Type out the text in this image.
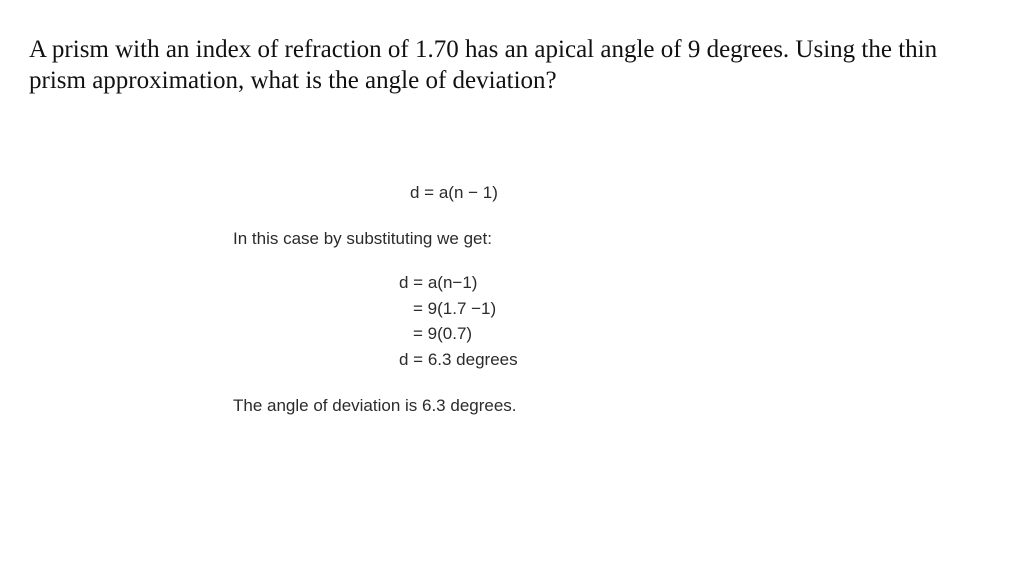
A prism with an index of refraction of 1.70 has an apical angle of 9 degrees. Using the thin prism approximation, what is the angle of deviation?

d = a(n − 1)
In this case by substituting we get:
d = a(n−1)
= 9(1.7 −1)
= 9(0.7)
d = 6.3 degrees
The angle of deviation is 6.3 degrees.
